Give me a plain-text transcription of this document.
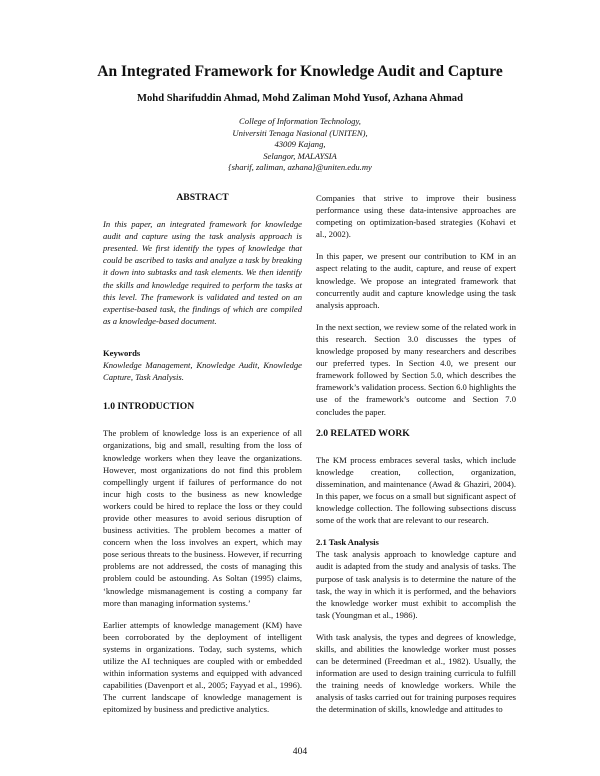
An Integrated Framework for Knowledge Audit and Capture
Mohd Sharifuddin Ahmad, Mohd Zaliman Mohd Yusof, Azhana Ahmad
College of Information Technology,
Universiti Tenaga Nasional (UNITEN),
43009 Kajang,
Selangor, MALAYSIA
{sharif, zaliman, azhana}@uniten.edu.my
ABSTRACT
In this paper, an integrated framework for knowledge audit and capture using the task analysis approach is presented. We first identify the types of knowledge that could be ascribed to tasks and analyze a task by breaking it down into subtasks and task elements. We then identify the skills and knowledge required to perform the tasks at this level. The framework is validated and tested on an expertise-based task, the findings of which are compiled as a knowledge-based document.
Keywords
Knowledge Management, Knowledge Audit, Knowledge Capture, Task Analysis.
1.0 INTRODUCTION

The problem of knowledge loss is an experience of all organizations, big and small, resulting from the loss of knowledge workers when they leave the organizations. However, most organizations do not find this problem compellingly urgent if failures of performance do not incur high costs to the business as new knowledge workers could be hired to replace the loss or they could provide other measures to avoid serious disruption of business activities. The problem becomes a matter of concern when the loss involves an expert, which may pose serious threats to the business. However, if recurring problems are not addressed, the costs of managing this problem could be astounding. As Soltan (1995) claims, ‘knowledge mismanagement is costing a company far more than managing information systems.’

Earlier attempts of knowledge management (KM) have been corroborated by the deployment of intelligent systems in organizations. Today, such systems, which utilize the AI techniques are coupled with or embedded within information systems and equipped with advanced capabilities (Davenport et al., 2005; Fayyad et al., 1996). The current landscape of knowledge management is epitomized by business and predictive analytics.

Companies that strive to improve their business performance using these data-intensive approaches are competing on optimization-based strategies (Kohavi et al., 2002).

In this paper, we present our contribution to KM in an aspect relating to the audit, capture, and reuse of expert knowledge. We propose an integrated framework that concurrently audit and capture knowledge using the task analysis approach.

In the next section, we review some of the related work in this research. Section 3.0 discusses the types of knowledge proposed by many researchers and describes our preferred types. In Section 4.0, we present our framework followed by Section 5.0, which describes the framework’s validation process. Section 6.0 highlights the use of the framework’s outcome and Section 7.0 concludes the paper.

2.0 RELATED WORK

The KM process embraces several tasks, which include knowledge creation, collection, organization, dissemination, and maintenance (Awad & Ghaziri, 2004). In this paper, we focus on a small but significant aspect of knowledge collection. The following subsections discuss some of the work that are relevant to our research.

2.1 Task Analysis

The task analysis approach to knowledge capture and audit is adapted from the study and analysis of tasks. The purpose of task analysis is to determine the nature of the task, the way in which it is performed, and the behaviors the knowledge worker must exhibit to accomplish the task (Youngman et al., 1986).

With task analysis, the types and degrees of knowledge, skills, and abilities the knowledge worker must posses can be determined (Freedman et al., 1982). Usually, the information are used to design training curricula to fulfill the training needs of knowledge workers. While the analysis of tasks carried out for training purposes requires the determination of skills, knowledge and attitudes to

404
